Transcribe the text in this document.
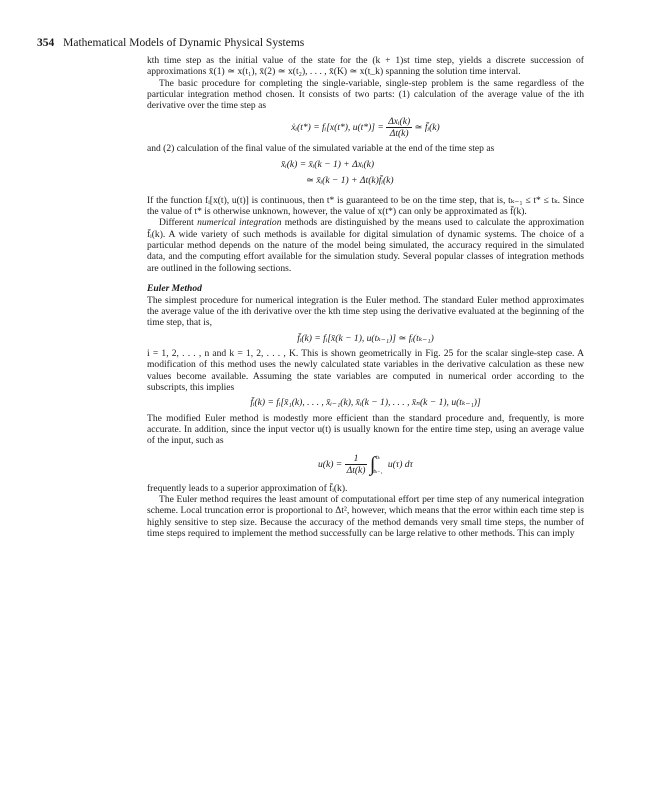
354 Mathematical Models of Dynamic Physical Systems

kth time step as the initial value of the state for the (k + 1)st time step, yields a discrete succession of approximations x̄(1) ≃ x(t₁), x̄(2) ≃ x(t₂), . . . , x̄(K) ≃ x(t_k) spanning the solution time interval.

The basic procedure for completing the single-variable, single-step problem is the same regardless of the particular integration method chosen. It consists of two parts: (1) calculation of the average value of the ith derivative over the time step as

ẋᵢ(t*) = fᵢ[x(t*), $u(t*)] = \frac{\text{Δxᵢ(k)}}{\Delta t(k)}$ ≃ f̄ᵢ(k)

and (2) calculation of the final value of the simulated variable at the end of the time step as

x̄ᵢ(k) = x̄ᵢ(k − 1) + Δxᵢ(k)
≃ x̄ᵢ(k − 1) + Δt(k)f̄ᵢ(k)

If the function fᵢ[x(t), u(t)] is continuous, then t* is guaranteed to be on the time step, that is, tₖ₋₁ ≤ t* ≤ tₖ. Since the value of t* is otherwise unknown, however, the value of x(t*) can only be approximated as f̄(k).

Different numerical integration methods are distinguished by the means used to calculate the approximation f̄ᵢ(k). A wide variety of such methods is available for digital simulation of dynamic systems. The choice of a particular method depends on the nature of the model being simulated, the accuracy required in the simulated data, and the computing effort available for the simulation study. Several popular classes of integration methods are outlined in the following sections.

Euler Method

The simplest procedure for numerical integration is the Euler method. The standard Euler method approximates the average value of the ith derivative over the kth time step using the derivative evaluated at the beginning of the time step, that is,

f̄ᵢ(k) = fᵢ[x̄(k − 1), u(tₖ₋₁)] ≃ fᵢ(tₖ₋₁)

i = 1, 2, . . . , n and k = 1, 2, . . . , K. This is shown geometrically in Fig. 25 for the scalar single-step case. A modification of this method uses the newly calculated state variables in the derivative calculation as these new values become available. Assuming the state variables are computed in numerical order according to the subscripts, this implies

f̄ᵢ(k) = fᵢ[x̄₁(k), . . . , x̄ᵢ₋₁(k), x̄ᵢ(k − 1), . . . , x̄ₙ(k − 1), u(tₖ₋₁)]

The modified Euler method is modestly more efficient than the standard procedure and, frequently, is more accurate. In addition, since the input vector u(t) is usually known for the entire time step, using an average value of the input, such as

$u(k) = \frac{1}{\Delta t(k)}$ ∫ tₖ
tₖ₋₁
u(τ) dτ

frequently leads to a superior approximation of f̄ᵢ(k).

The Euler method requires the least amount of computational effort per time step of any numerical integration scheme. Local truncation error is proportional to Δt², however, which means that the error within each time step is highly sensitive to step size. Because the accuracy of the method demands very small time steps, the number of time steps required to implement the method successfully can be large relative to other methods. This can imply
